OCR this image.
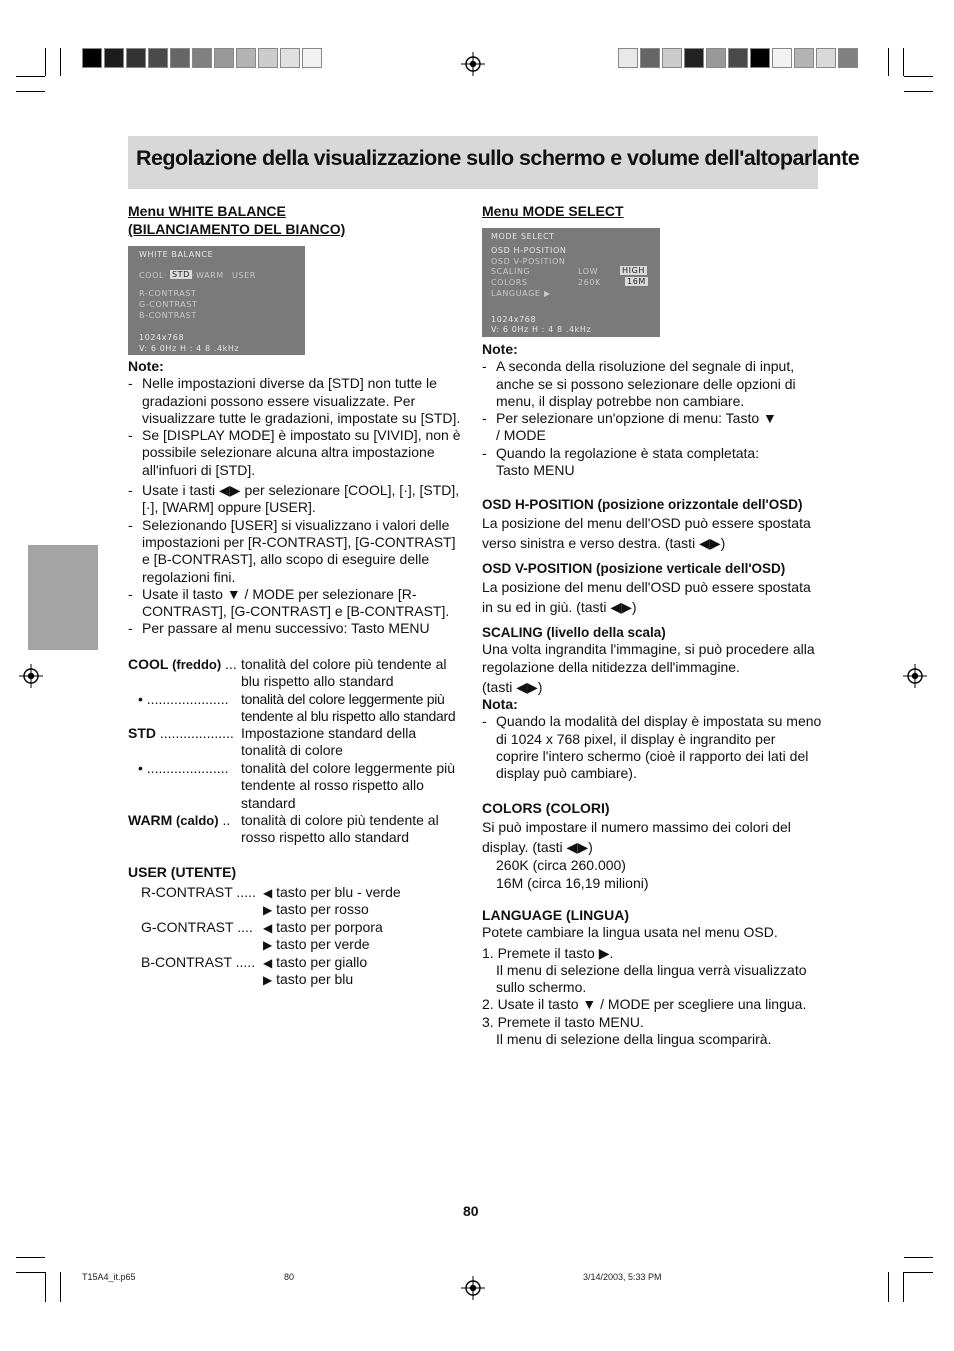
Regolazione della visualizzazione sullo schermo e volume dell'altoparlante
Menu WHITE BALANCE
(BILANCIAMENTO DEL BIANCO)
WHITE BALANCE
COOL · STD · WARM USER
R-CONTRAST
G-CONTRAST
B-CONTRAST
1024x768
V: 6 0Hz H : 4 8 .4kHz

Note:

- Nelle impostazioni diverse da [STD] non tutte le gradazioni possono essere visualizzate. Per visualizzare tutte le gradazioni, impostate su [STD].

- Se [DISPLAY MODE] è impostato su [VIVID], non è possibile selezionare alcuna altra impostazione all'infuori di [STD].

- Usate i tasti ◀▶ per selezionare [COOL], [·], [STD], [·], [WARM] oppure [USER].

- Selezionando [USER] si visualizzano i valori delle impostazioni per [R-CONTRAST], [G-CONTRAST] e [B-CONTRAST], allo scopo di eseguire delle regolazioni fini.

- Usate il tasto ▼ / MODE per selezionare [R-CONTRAST], [G-CONTRAST] e [B-CONTRAST].

- Per passare al menu successivo: Tasto MENU

COOL (freddo) ... tonalità del colore più tendente al blu rispetto allo standard
• ..................... tonalità del colore leggermente più tendente al blu rispetto allo standard
STD ................... Impostazione standard della tonalità di colore
• ..................... tonalità del colore leggermente più tendente al rosso rispetto allo standard
WARM (caldo) .. tonalità di colore più tendente al rosso rispetto allo standard
USER (UTENTE)
R-CONTRAST ..... ◀ tasto per blu - verde
▶ tasto per rosso
G-CONTRAST .... ◀ tasto per porpora
▶ tasto per verde
B-CONTRAST ..... ◀ tasto per giallo
▶ tasto per blu
Menu MODE SELECT
MODE SELECT
OSD H-POSITION
OSD V-POSITION
SCALING	LOW	HIGH
COLORS	260K	16M
LANGUAGE ▶
1024x768
V: 6 0Hz H : 4 8 .4kHz

Note:

- A seconda della risoluzione del segnale di input, anche se si possono selezionare delle opzioni di menu, il display potrebbe non cambiare.

- Per selezionare un'opzione di menu: Tasto ▼ / MODE

- Quando la regolazione è stata completata: Tasto MENU

OSD H-POSITION (posizione orizzontale dell'OSD)

La posizione del menu dell'OSD può essere spostata verso sinistra e verso destra. (tasti ◀▶)

OSD V-POSITION (posizione verticale dell'OSD)

La posizione del menu dell'OSD può essere spostata in su ed in giù. (tasti ◀▶)

SCALING (livello della scala)

Una volta ingrandita l'immagine, si può procedere alla regolazione della nitidezza dell'immagine.

(tasti ◀▶)

Nota:

- Quando la modalità del display è impostata su meno di 1024 x 768 pixel, il display è ingrandito per coprire l'intero schermo (cioè il rapporto dei lati del display può cambiare).

COLORS (COLORI)

Si può impostare il numero massimo dei colori del display. (tasti ◀▶)

260K (circa 260.000)

16M (circa 16,19 milioni)

LANGUAGE (LINGUA)

Potete cambiare la lingua usata nel menu OSD.

1. Premete il tasto ▶.

Il menu di selezione della lingua verrà visualizzato sullo schermo.

2. Usate il tasto ▼ / MODE per scegliere una lingua.

3. Premete il tasto MENU.

Il menu di selezione della lingua scomparirà.

80
T15A4_it.p65	80	3/14/2003, 5:33 PM
